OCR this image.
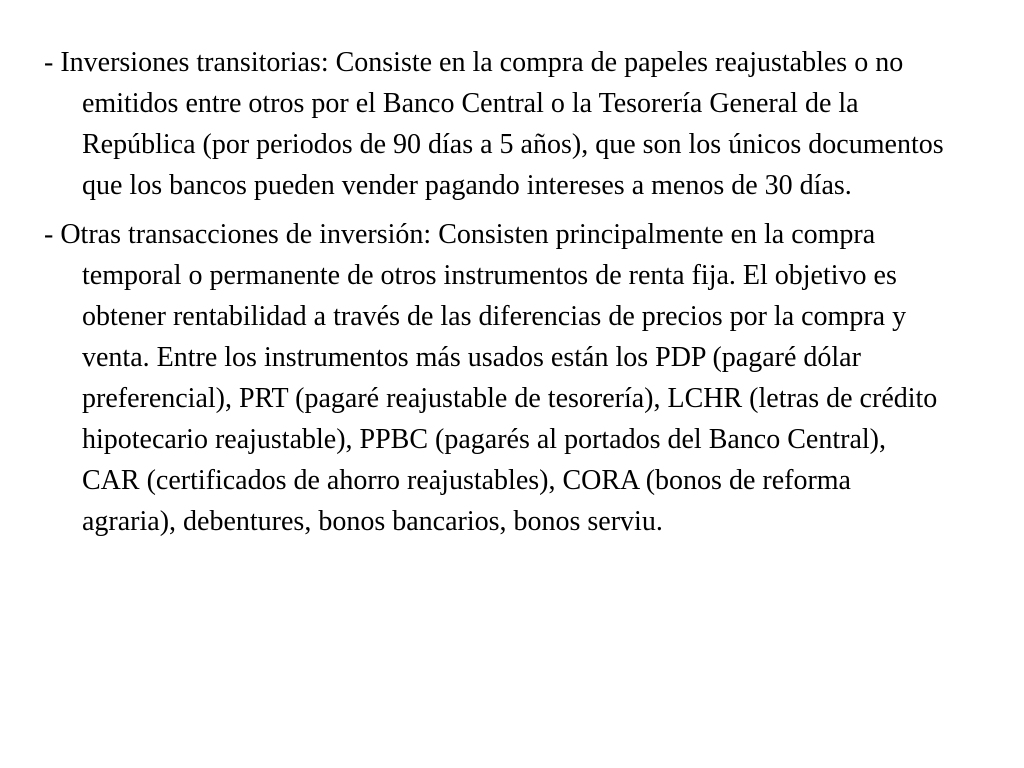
- Inversiones transitorias: Consiste en la compra de papeles reajustables o no emitidos entre otros por el Banco Central o la Tesorería General de la República (por periodos de 90 días a 5 años), que son los únicos documentos que los bancos pueden vender pagando intereses a menos de 30 días.

- Otras transacciones de inversión: Consisten principalmente en la compra temporal o permanente de otros instrumentos de renta fija. El objetivo es obtener rentabilidad a través de las diferencias de precios por la compra y venta. Entre los instrumentos más usados están los PDP (pagaré dólar preferencial), PRT (pagaré reajustable de tesorería), LCHR (letras de crédito hipotecario reajustable), PPBC (pagarés al portados del Banco Central), CAR (certificados de ahorro reajustables), CORA (bonos de reforma agraria), debentures, bonos bancarios, bonos serviu.
